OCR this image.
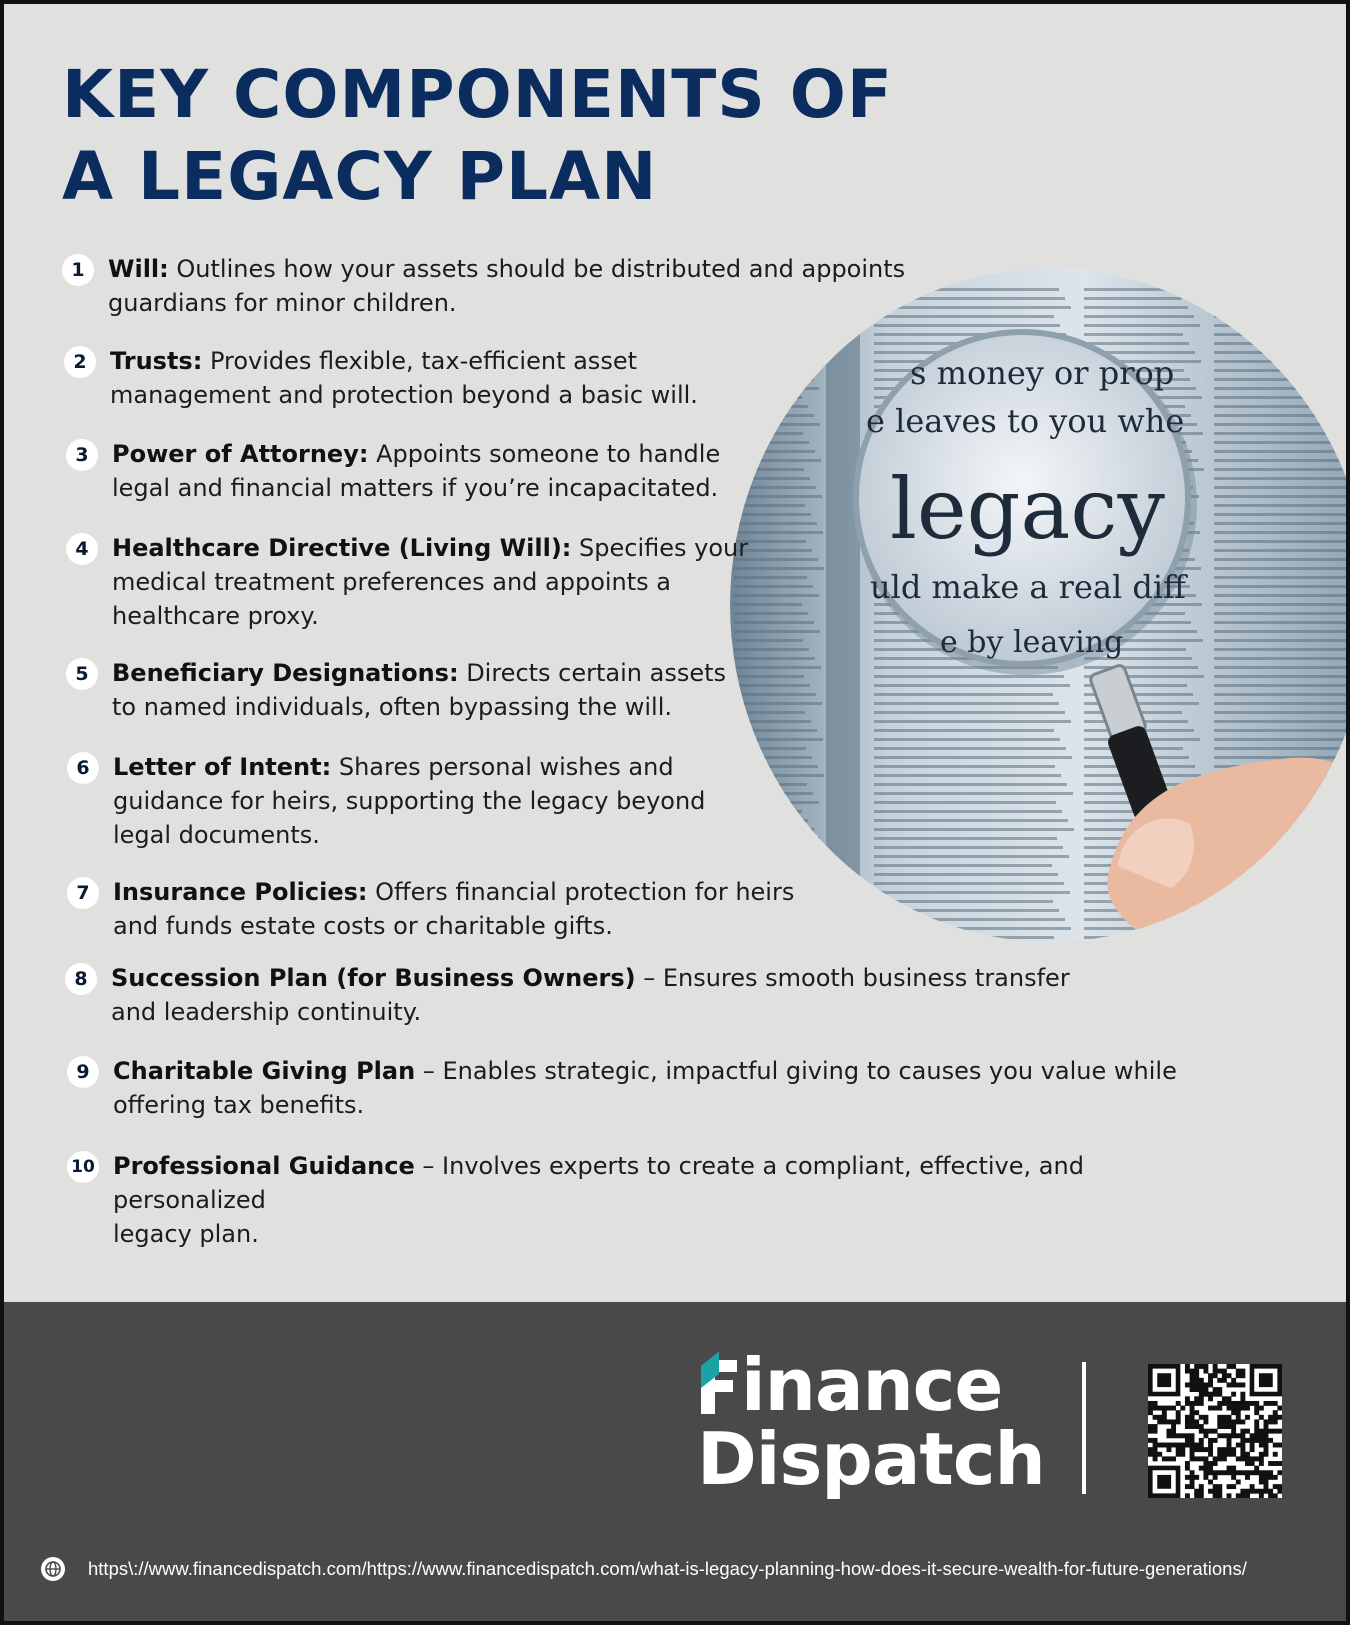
KEY COMPONENTS OF
A LEGACY PLAN
s money or prop
e leaves to you whe
legacy
uld make a real diff
e by leaving
1 Will: Outlines how your assets should be distributed and appoints
guardians for minor children.
2 Trusts: Provides flexible, tax-efficient asset
management and protection beyond a basic will.
3 Power of Attorney: Appoints someone to handle
legal and financial matters if you’re incapacitated.
4 Healthcare Directive (Living Will): Specifies your
medical treatment preferences and appoints a
healthcare proxy.
5 Beneficiary Designations: Directs certain assets
to named individuals, often bypassing the will.
6 Letter of Intent: Shares personal wishes and
guidance for heirs, supporting the legacy beyond
legal documents.
7 Insurance Policies: Offers financial protection for heirs
and funds estate costs or charitable gifts.
8 Succession Plan (for Business Owners) – Ensures smooth business transfer
and leadership continuity.
9 Charitable Giving Plan – Enables strategic, impactful giving to causes you value while
offering tax benefits.
10 Professional Guidance – Involves experts to create a compliant, effective, and personalized
legacy plan.
inance
Dispatch
https\://www.financedispatch.com/https://www.financedispatch.com/what-is-legacy-planning-how-does-it-secure-wealth-for-future-generations/
